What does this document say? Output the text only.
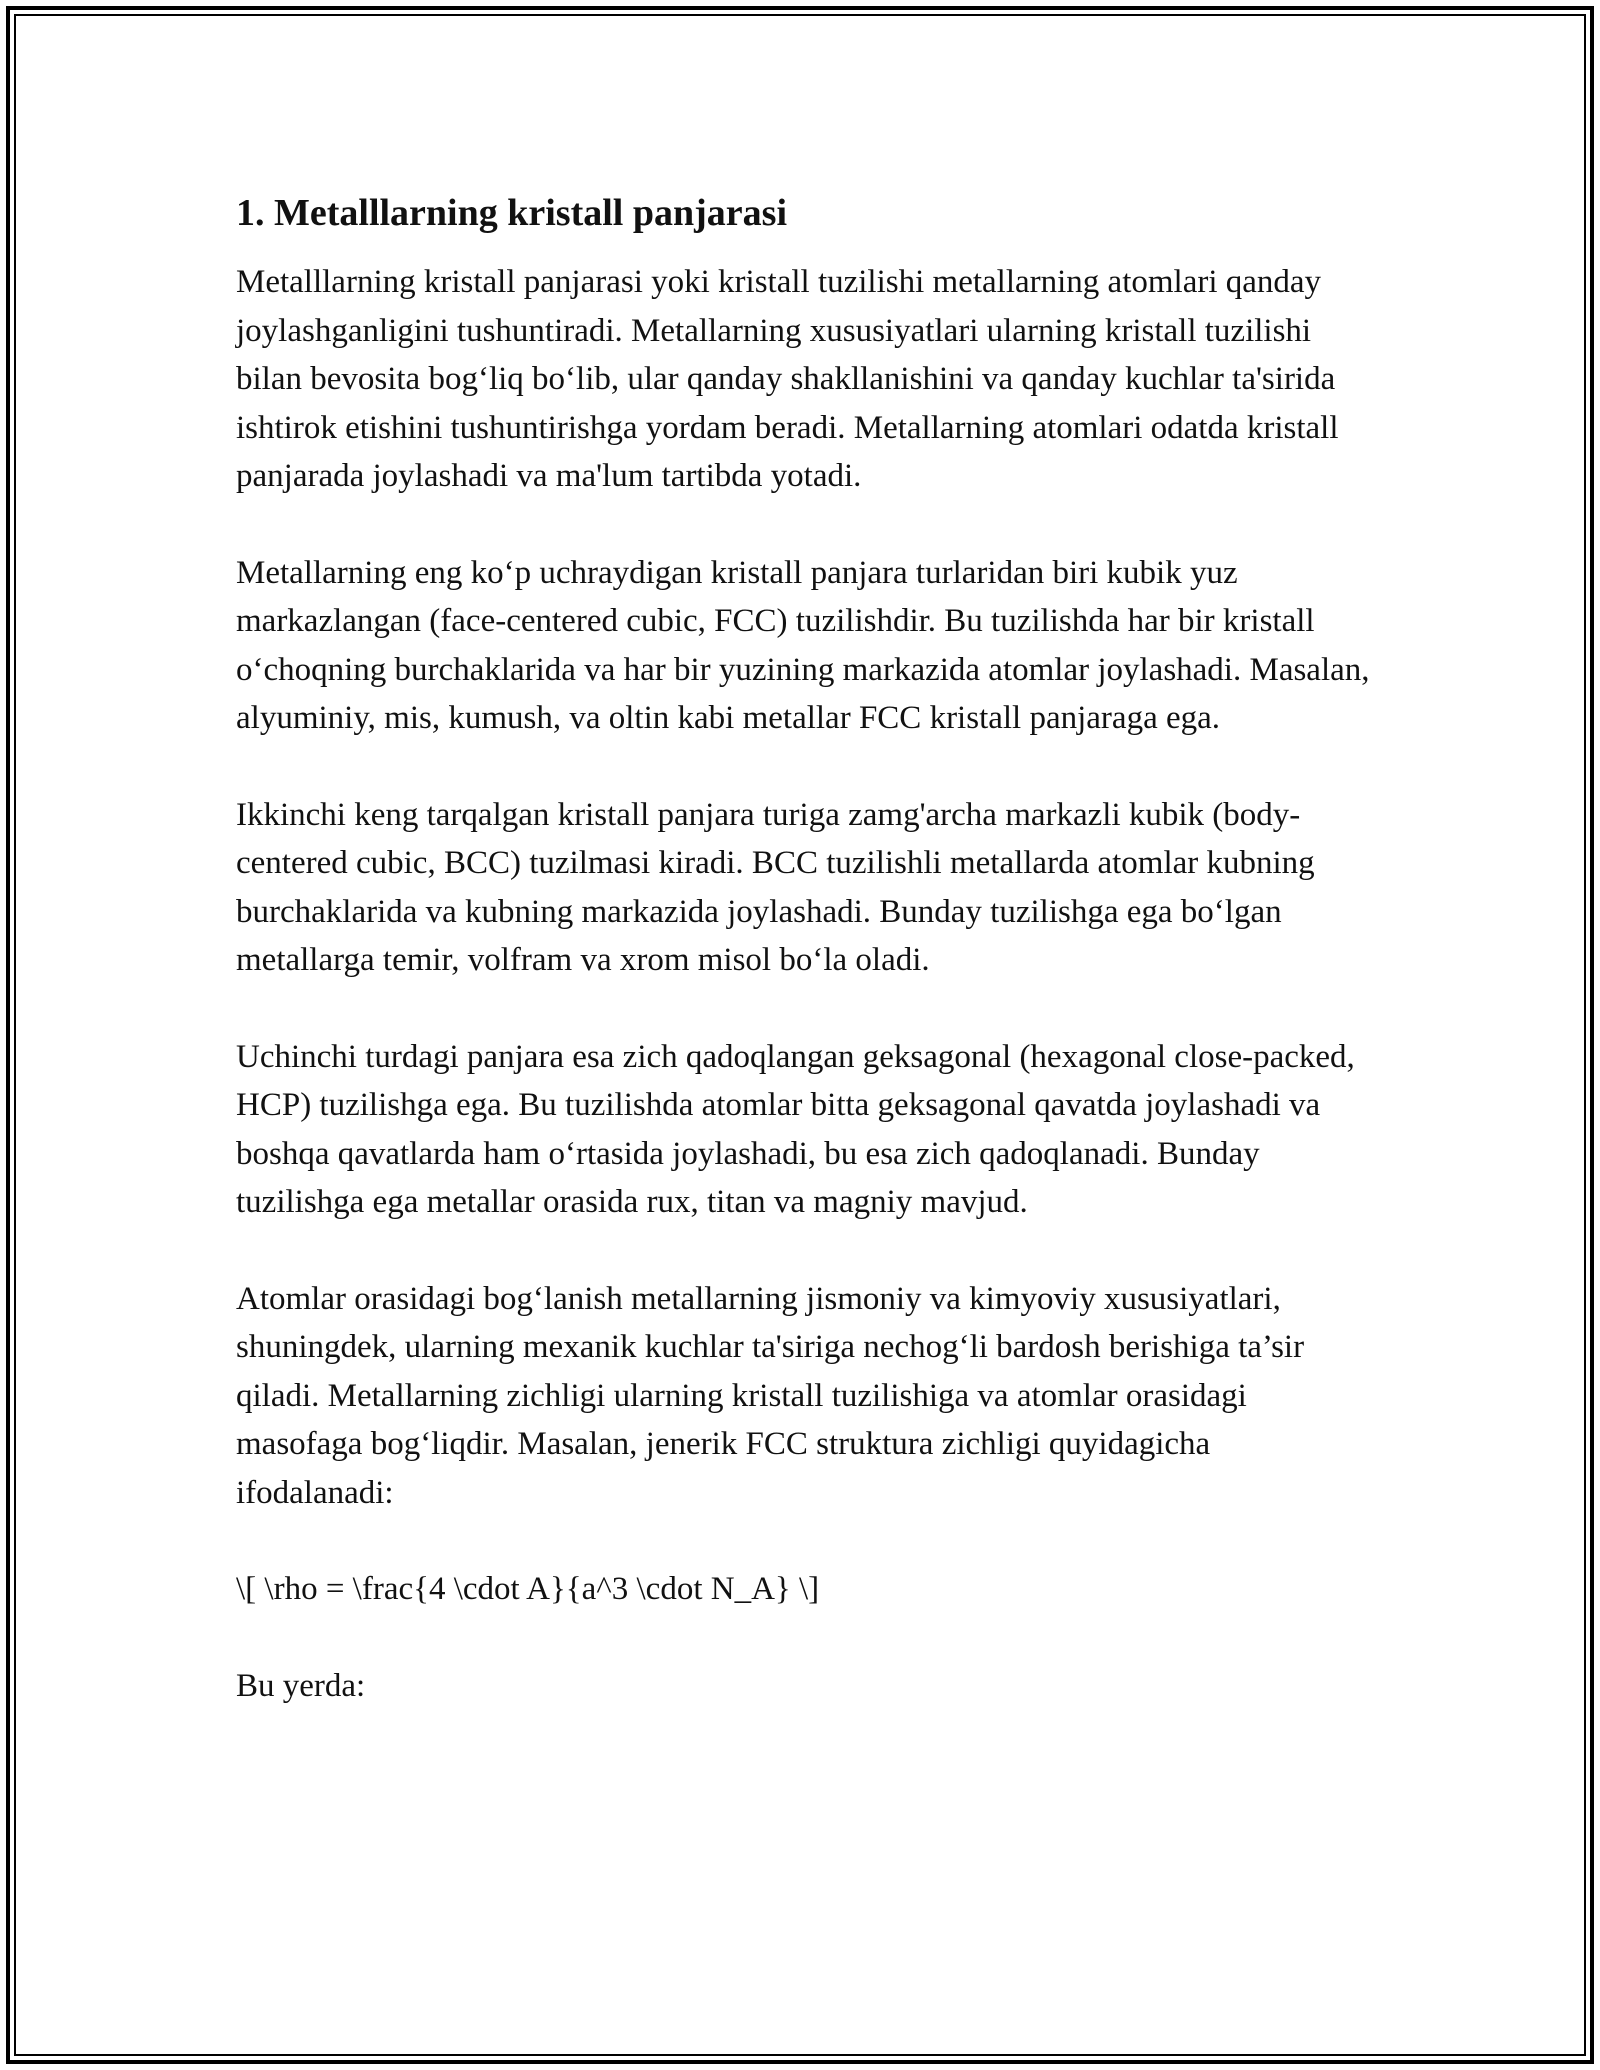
1. Metalllarning kristall panjarasi

Metalllarning kristall panjarasi yoki kristall tuzilishi metallarning atomlari qanday joylashganligini tushuntiradi. Metallarning xususiyatlari ularning kristall tuzilishi bilan bevosita bog‘liq bo‘lib, ular qanday shakllanishini va qanday kuchlar ta'sirida ishtirok etishini tushuntirishga yordam beradi. Metallarning atomlari odatda kristall panjarada joylashadi va ma'lum tartibda yotadi.

Metallarning eng ko‘p uchraydigan kristall panjara turlaridan biri kubik yuz markazlangan (face-centered cubic, FCC) tuzilishdir. Bu tuzilishda har bir kristall o‘choqning burchaklarida va har bir yuzining markazida atomlar joylashadi. Masalan, alyuminiy, mis, kumush, va oltin kabi metallar FCC kristall panjaraga ega.

Ikkinchi keng tarqalgan kristall panjara turiga zamg'archa markazli kubik (body-centered cubic, BCC) tuzilmasi kiradi. BCC tuzilishli metallarda atomlar kubning burchaklarida va kubning markazida joylashadi. Bunday tuzilishga ega bo‘lgan metallarga temir, volfram va xrom misol bo‘la oladi.

Uchinchi turdagi panjara esa zich qadoqlangan geksagonal (hexagonal close-packed, HCP) tuzilishga ega. Bu tuzilishda atomlar bitta geksagonal qavatda joylashadi va boshqa qavatlarda ham o‘rtasida joylashadi, bu esa zich qadoqlanadi. Bunday tuzilishga ega metallar orasida rux, titan va magniy mavjud.

Atomlar orasidagi bog‘lanish metallarning jismoniy va kimyoviy xususiyatlari, shuningdek, ularning mexanik kuchlar ta'siriga nechog‘li bardosh berishiga ta’sir qiladi. Metallarning zichligi ularning kristall tuzilishiga va atomlar orasidagi masofaga bog‘liqdir. Masalan, jenerik FCC struktura zichligi quyidagicha ifodalanadi:

\[ \rho = \frac{4 \cdot A}{a^3 \cdot N_A} \]

Bu yerda:
